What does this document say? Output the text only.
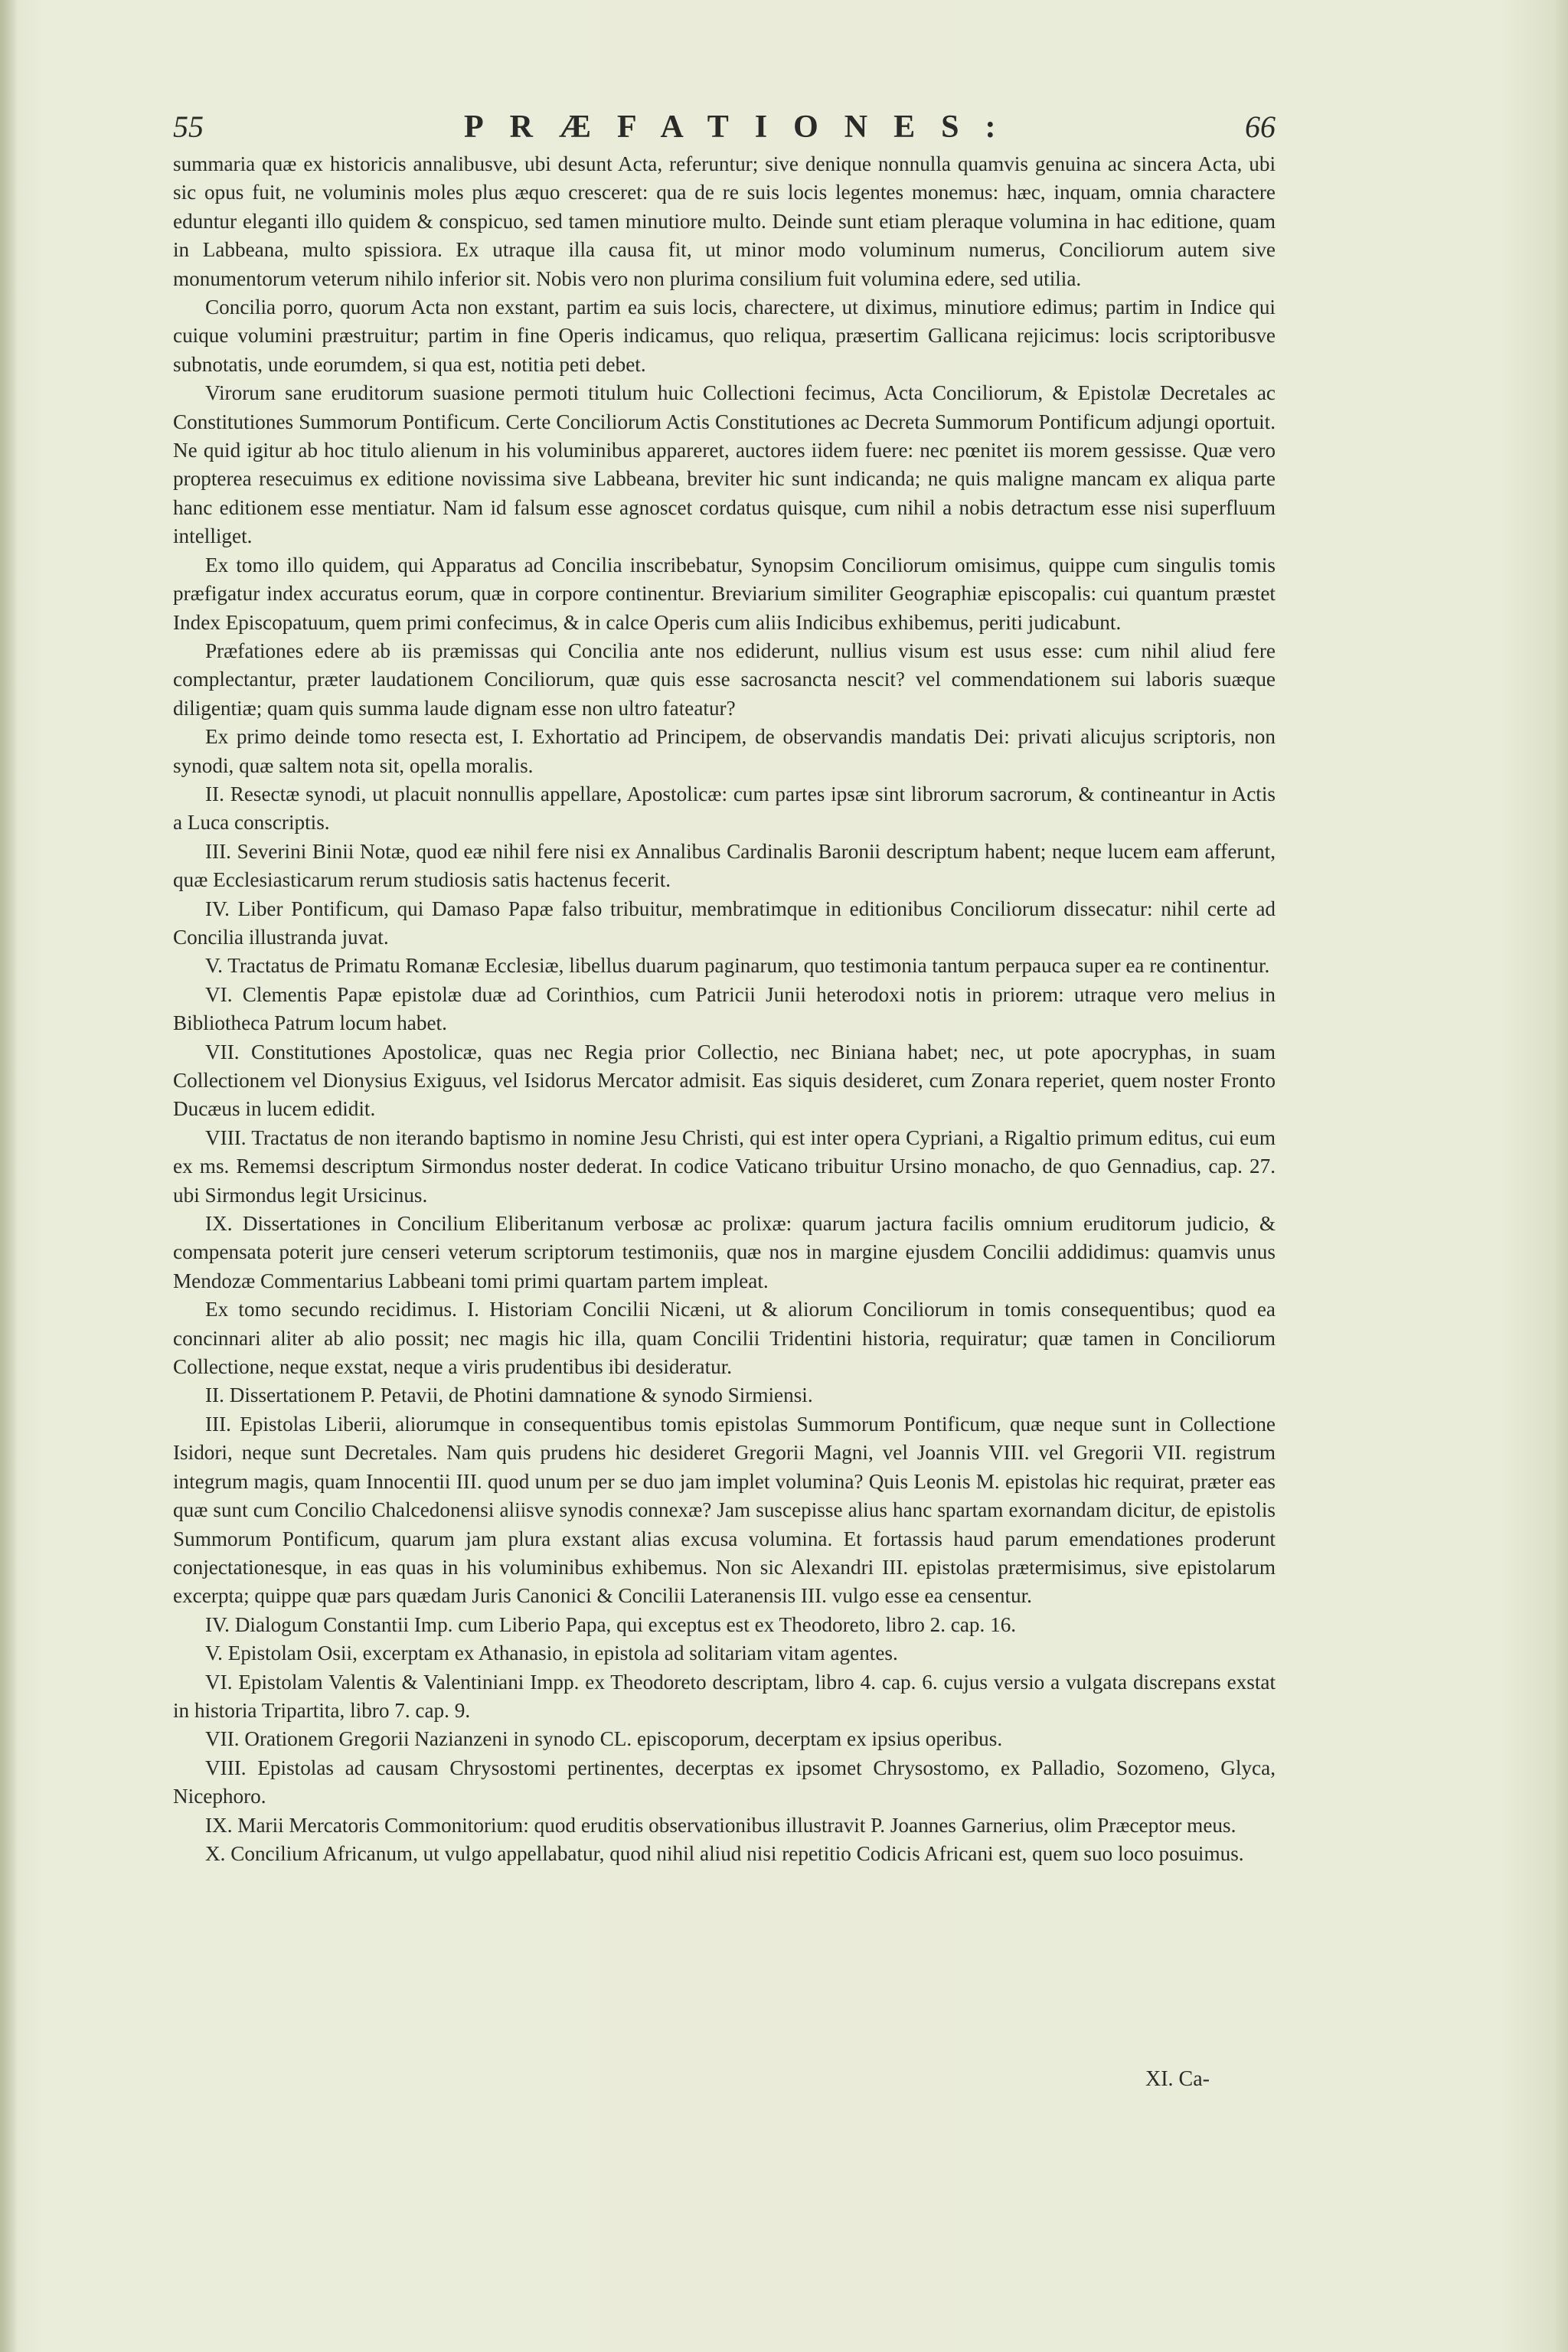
55	PRÆFATIONES:	66

summaria quæ ex historicis annalibusve, ubi desunt Acta, referuntur; sive denique nonnulla quamvis genuina ac sincera Acta, ubi sic opus fuit, ne voluminis moles plus æquo cresceret: qua de re suis locis legentes monemus: hæc, inquam, omnia charactere eduntur eleganti illo quidem & conspicuo, sed tamen minutiore multo. Deinde sunt etiam pleraque volumina in hac editione, quam in Labbeana, multo spissiora. Ex utraque illa causa fit, ut minor modo voluminum numerus, Conciliorum autem sive monumentorum veterum nihilo inferior sit. Nobis vero non plurima consilium fuit volumina edere, sed utilia.

Concilia porro, quorum Acta non exstant, partim ea suis locis, charectere, ut diximus, minutiore edimus; partim in Indice qui cuique volumini præstruitur; partim in fine Operis indicamus, quo reliqua, præsertim Gallicana rejicimus: locis scriptoribusve subnotatis, unde eorumdem, si qua est, notitia peti debet.

Virorum sane eruditorum suasione permoti titulum huic Collectioni fecimus, Acta Conciliorum, & Epistolæ Decretales ac Constitutiones Summorum Pontificum. Certe Conciliorum Actis Constitutiones ac Decreta Summorum Pontificum adjungi oportuit. Ne quid igitur ab hoc titulo alienum in his voluminibus appareret, auctores iidem fuere: nec pœnitet iis morem gessisse. Quæ vero propterea resecuimus ex editione novissima sive Labbeana, breviter hic sunt indicanda; ne quis maligne mancam ex aliqua parte hanc editionem esse mentiatur. Nam id falsum esse agnoscet cordatus quisque, cum nihil a nobis detractum esse nisi superfluum intelliget.

Ex tomo illo quidem, qui Apparatus ad Concilia inscribebatur, Synopsim Conciliorum omisimus, quippe cum singulis tomis præfigatur index accuratus eorum, quæ in corpore continentur. Breviarium similiter Geographiæ episcopalis: cui quantum præstet Index Episcopatuum, quem primi confecimus, & in calce Operis cum aliis Indicibus exhibemus, periti judicabunt.

Præfationes edere ab iis præmissas qui Concilia ante nos ediderunt, nullius visum est usus esse: cum nihil aliud fere complectantur, præter laudationem Conciliorum, quæ quis esse sacrosancta nescit? vel commendationem sui laboris suæque diligentiæ; quam quis summa laude dignam esse non ultro fateatur?

Ex primo deinde tomo resecta est, I. Exhortatio ad Principem, de observandis mandatis Dei: privati alicujus scriptoris, non synodi, quæ saltem nota sit, opella moralis.

II. Resectæ synodi, ut placuit nonnullis appellare, Apostolicæ: cum partes ipsæ sint librorum sacrorum, & contineantur in Actis a Luca conscriptis.

III. Severini Binii Notæ, quod eæ nihil fere nisi ex Annalibus Cardinalis Baronii descriptum habent; neque lucem eam afferunt, quæ Ecclesiasticarum rerum studiosis satis hactenus fecerit.

IV. Liber Pontificum, qui Damaso Papæ falso tribuitur, membratimque in editionibus Conciliorum dissecatur: nihil certe ad Concilia illustranda juvat.

V. Tractatus de Primatu Romanæ Ecclesiæ, libellus duarum paginarum, quo testimonia tantum perpauca super ea re continentur.

VI. Clementis Papæ epistolæ duæ ad Corinthios, cum Patricii Junii heterodoxi notis in priorem: utraque vero melius in Bibliotheca Patrum locum habet.

VII. Constitutiones Apostolicæ, quas nec Regia prior Collectio, nec Biniana habet; nec, ut pote apocryphas, in suam Collectionem vel Dionysius Exiguus, vel Isidorus Mercator admisit. Eas siquis desideret, cum Zonara reperiet, quem noster Fronto Ducæus in lucem edidit.

VIII. Tractatus de non iterando baptismo in nomine Jesu Christi, qui est inter opera Cypriani, a Rigaltio primum editus, cui eum ex ms. Rememsi descriptum Sirmondus noster dederat. In codice Vaticano tribuitur Ursino monacho, de quo Gennadius, cap. 27. ubi Sirmondus legit Ursicinus.

IX. Dissertationes in Concilium Eliberitanum verbosæ ac prolixæ: quarum jactura facilis omnium eruditorum judicio, & compensata poterit jure censeri veterum scriptorum testimoniis, quæ nos in margine ejusdem Concilii addidimus: quamvis unus Mendozæ Commentarius Labbeani tomi primi quartam partem impleat.

Ex tomo secundo recidimus. I. Historiam Concilii Nicæni, ut & aliorum Conciliorum in tomis consequentibus; quod ea concinnari aliter ab alio possit; nec magis hic illa, quam Concilii Tridentini historia, requiratur; quæ tamen in Conciliorum Collectione, neque exstat, neque a viris prudentibus ibi desideratur.

II. Dissertationem P. Petavii, de Photini damnatione & synodo Sirmiensi.

III. Epistolas Liberii, aliorumque in consequentibus tomis epistolas Summorum Pontificum, quæ neque sunt in Collectione Isidori, neque sunt Decretales. Nam quis prudens hic desideret Gregorii Magni, vel Joannis VIII. vel Gregorii VII. registrum integrum magis, quam Innocentii III. quod unum per se duo jam implet volumina? Quis Leonis M. epistolas hic requirat, præter eas quæ sunt cum Concilio Chalcedonensi aliisve synodis connexæ? Jam suscepisse alius hanc spartam exornandam dicitur, de epistolis Summorum Pontificum, quarum jam plura exstant alias excusa volumina. Et fortassis haud parum emendationes proderunt conjectationesque, in eas quas in his voluminibus exhibemus. Non sic Alexandri III. epistolas prætermisimus, sive epistolarum excerpta; quippe quæ pars quædam Juris Canonici & Concilii Lateranensis III. vulgo esse ea censentur.

IV. Dialogum Constantii Imp. cum Liberio Papa, qui exceptus est ex Theodoreto, libro 2. cap. 16.

V. Epistolam Osii, excerptam ex Athanasio, in epistola ad solitariam vitam agentes.

VI. Epistolam Valentis & Valentiniani Impp. ex Theodoreto descriptam, libro 4. cap. 6. cujus versio a vulgata discrepans exstat in historia Tripartita, libro 7. cap. 9.

VII. Orationem Gregorii Nazianzeni in synodo CL. episcoporum, decerptam ex ipsius operibus.

VIII. Epistolas ad causam Chrysostomi pertinentes, decerptas ex ipsomet Chrysostomo, ex Palladio, Sozomeno, Glyca, Nicephoro.

IX. Marii Mercatoris Commonitorium: quod eruditis observationibus illustravit P. Joannes Garnerius, olim Præceptor meus.

X. Concilium Africanum, ut vulgo appellabatur, quod nihil aliud nisi repetitio Codicis Africani est, quem suo loco posuimus.

XI. Ca-
